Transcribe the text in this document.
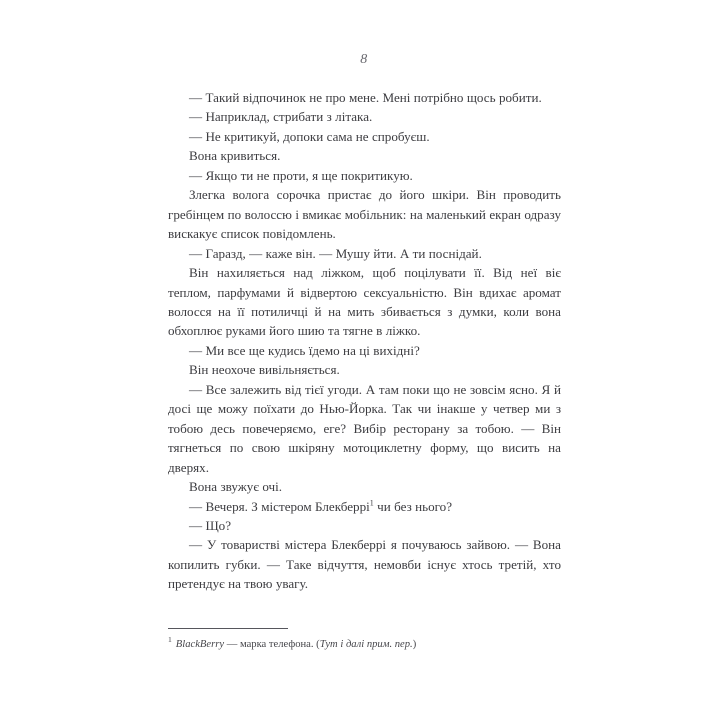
8

— Такий відпочинок не про мене. Мені потрібно щось робити.

— Наприклад, стрибати з літака.

— Не критикуй, допоки сама не спробуєш.

Вона кривиться.

— Якщо ти не проти, я ще покритикую.

Злегка волога сорочка пристає до його шкіри. Він проводить гребінцем по волоссю і вмикає мобільник: на маленький екран одразу вискакує список повідомлень.

— Гаразд, — каже він. — Мушу йти. А ти поснідай.

Він нахиляється над ліжком, щоб поцілувати її. Від неї віє теплом, парфумами й відвертою сексуальністю. Він вдихає аромат волосся на її потиличці й на мить збивається з думки, коли вона обхоплює руками його шию та тягне в ліжко.

— Ми все ще кудись їдемо на ці вихідні?

Він неохоче вивільняється.

— Все залежить від тієї угоди. А там поки що не зовсім ясно. Я й досі ще можу поїхати до Нью-Йорка. Так чи інакше у четвер ми з тобою десь повечеряємо, еге? Вибір ресторану за тобою. — Він тягнеться по свою шкіряну мотоциклетну форму, що висить на дверях.

Вона звужує очі.

— Вечеря. З містером Блекберрі$^1$ чи без нього?

— Що?

— У товаристві містера Блекберрі я почуваюсь зайвою. — Вона копилить губки. — Таке відчуття, немовби існує хтось третій, хто претендує на твою увагу.

$^1$ BlackBerry — марка телефона. (Тут і далі прим. пер.)
